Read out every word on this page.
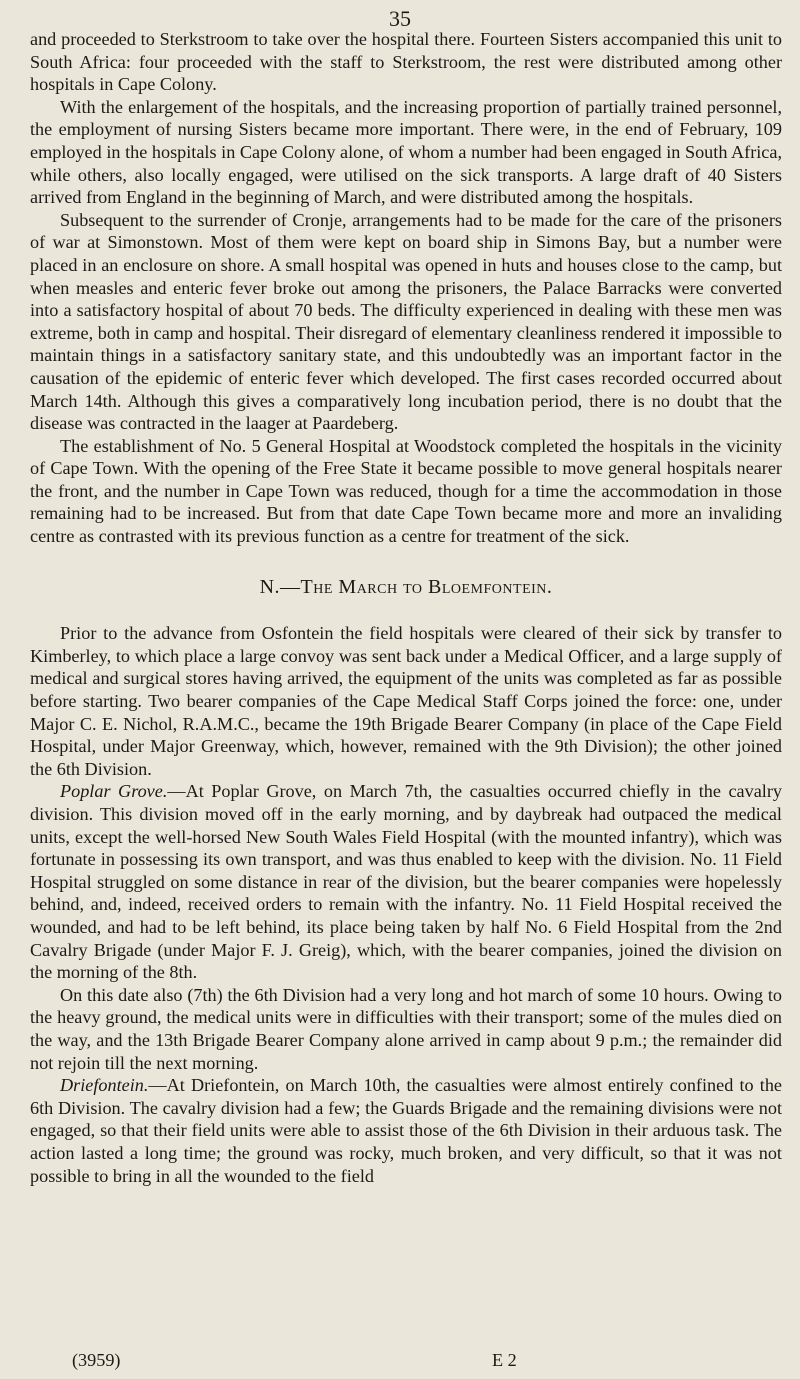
35

and proceeded to Sterkstroom to take over the hospital there. Fourteen Sisters accompanied this unit to South Africa: four proceeded with the staff to Sterkstroom, the rest were distributed among other hospitals in Cape Colony.

With the enlargement of the hospitals, and the increasing proportion of partially trained personnel, the employment of nursing Sisters became more important. There were, in the end of February, 109 employed in the hospitals in Cape Colony alone, of whom a number had been engaged in South Africa, while others, also locally engaged, were utilised on the sick transports. A large draft of 40 Sisters arrived from England in the beginning of March, and were distributed among the hospitals.

Subsequent to the surrender of Cronje, arrangements had to be made for the care of the prisoners of war at Simonstown. Most of them were kept on board ship in Simons Bay, but a number were placed in an enclosure on shore. A small hospital was opened in huts and houses close to the camp, but when measles and enteric fever broke out among the prisoners, the Palace Barracks were converted into a satisfactory hospital of about 70 beds. The difficulty experienced in dealing with these men was extreme, both in camp and hospital. Their disregard of elementary cleanliness rendered it impossible to maintain things in a satisfactory sanitary state, and this undoubtedly was an important factor in the causation of the epidemic of enteric fever which developed. The first cases recorded occurred about March 14th. Although this gives a comparatively long incubation period, there is no doubt that the disease was contracted in the laager at Paardeberg.

The establishment of No. 5 General Hospital at Woodstock completed the hospitals in the vicinity of Cape Town. With the opening of the Free State it became possible to move general hospitals nearer the front, and the number in Cape Town was reduced, though for a time the accommodation in those remaining had to be increased. But from that date Cape Town became more and more an invaliding centre as contrasted with its previous function as a centre for treatment of the sick.

N.—The March to Bloemfontein.

Prior to the advance from Osfontein the field hospitals were cleared of their sick by transfer to Kimberley, to which place a large convoy was sent back under a Medical Officer, and a large supply of medical and surgical stores having arrived, the equipment of the units was completed as far as possible before starting. Two bearer companies of the Cape Medical Staff Corps joined the force: one, under Major C. E. Nichol, R.A.M.C., became the 19th Brigade Bearer Company (in place of the Cape Field Hospital, under Major Greenway, which, however, remained with the 9th Division); the other joined the 6th Division.

Poplar Grove.—At Poplar Grove, on March 7th, the casualties occurred chiefly in the cavalry division. This division moved off in the early morning, and by daybreak had outpaced the medical units, except the well-horsed New South Wales Field Hospital (with the mounted infantry), which was fortunate in possessing its own transport, and was thus enabled to keep with the division. No. 11 Field Hospital struggled on some distance in rear of the division, but the bearer companies were hopelessly behind, and, indeed, received orders to remain with the infantry. No. 11 Field Hospital received the wounded, and had to be left behind, its place being taken by half No. 6 Field Hospital from the 2nd Cavalry Brigade (under Major F. J. Greig), which, with the bearer companies, joined the division on the morning of the 8th.

On this date also (7th) the 6th Division had a very long and hot march of some 10 hours. Owing to the heavy ground, the medical units were in difficulties with their transport; some of the mules died on the way, and the 13th Brigade Bearer Company alone arrived in camp about 9 p.m.; the remainder did not rejoin till the next morning.

Driefontein.—At Driefontein, on March 10th, the casualties were almost entirely confined to the 6th Division. The cavalry division had a few; the Guards Brigade and the remaining divisions were not engaged, so that their field units were able to assist those of the 6th Division in their arduous task. The action lasted a long time; the ground was rocky, much broken, and very difficult, so that it was not possible to bring in all the wounded to the field

(3959)	E 2
